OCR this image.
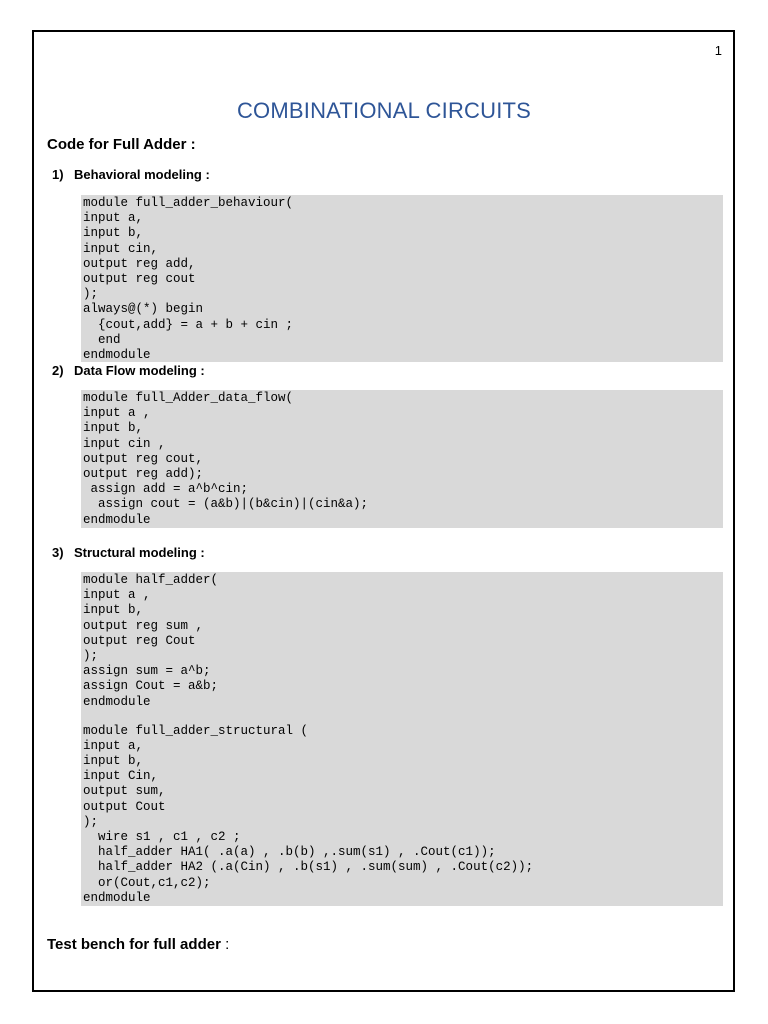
1
COMBINATIONAL CIRCUITS
Code for Full Adder :
1) Behavioral modeling :
module full_adder_behaviour(
input a,
input b,
input cin,
output reg add,
output reg cout
);
always@(*) begin
{cout,add} = a + b + cin ;
end
endmodule
2) Data Flow modeling :
module full_Adder_data_flow(
input a ,
input b,
input cin ,
output reg cout,
output reg add);
assign add = a^b^cin;
assign cout = (a&b)|(b&cin)|(cin&a);
endmodule
3) Structural modeling :
module half_adder(
input a ,
input b,
output reg sum ,
output reg Cout
);
assign sum = a^b;
assign Cout = a&b;
endmodule
module full_adder_structural (
input a,
input b,
input Cin,
output sum,
output Cout
);
wire s1 , c1 , c2 ;
half_adder HA1( .a(a) , .b(b) ,.sum(s1) , .Cout(c1));
half_adder HA2 (.a(Cin) , .b(s1) , .sum(sum) , .Cout(c2));
or(Cout,c1,c2);
endmodule
Test bench for full adder :
